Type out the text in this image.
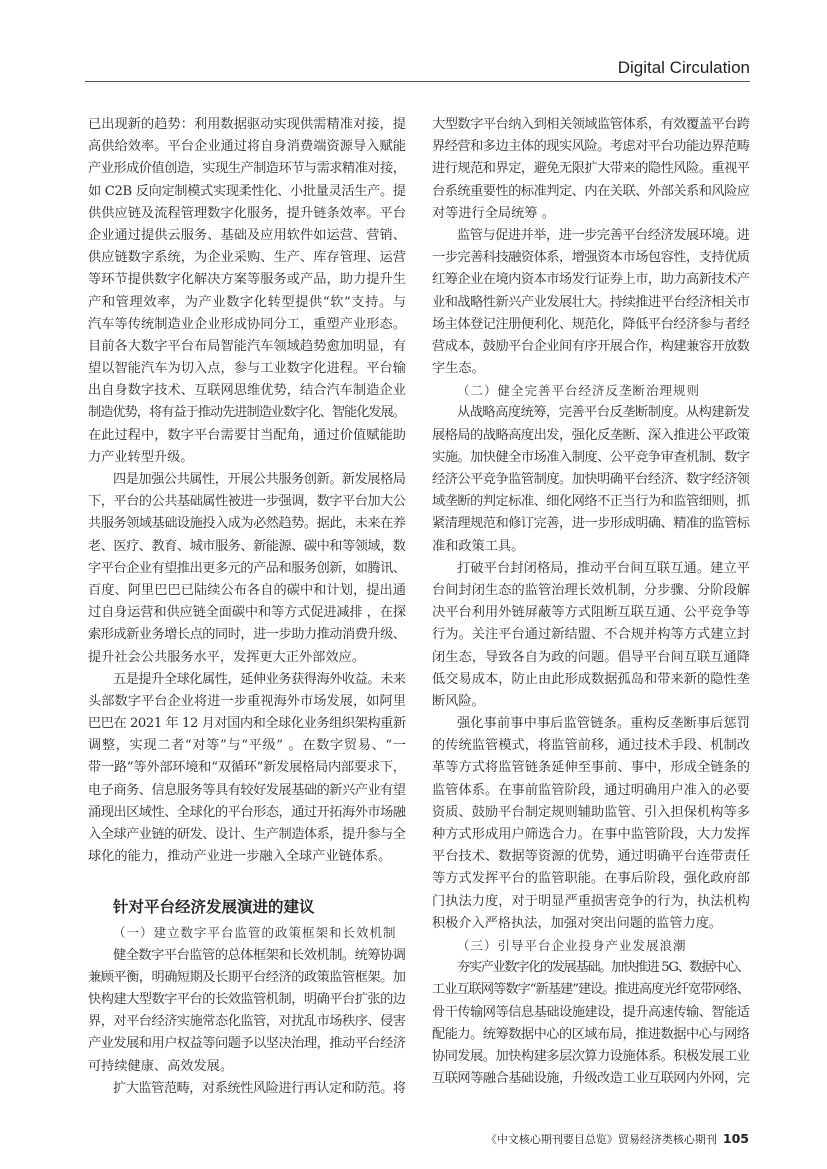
Digital Circulation
已出现新的趋势：利用数据驱动实现供需精准对接，提
高供给效率。平台企业通过将自身消费端资源导入赋能
产业形成价值创造，实现生产制造环节与需求精准对接，
如 C2B 反向定制模式实现柔性化、小批量灵活生产。提
供供应链及流程管理数字化服务，提升链条效率。平台
企业通过提供云服务、基础及应用软件如运营、营销、
供应链数字系统，为企业采购、生产、库存管理、运营
等环节提供数字化解决方案等服务或产品，助力提升生
产和管理效率，为产业数字化转型提供“软”支持。与
汽车等传统制造业企业形成协同分工，重塑产业形态。
目前各大数字平台布局智能汽车领域趋势愈加明显，有
望以智能汽车为切入点，参与工业数字化进程。平台输
出自身数字技术、互联网思维优势，结合汽车制造企业
制造优势，将有益于推动先进制造业数字化、智能化发展。
在此过程中，数字平台需要甘当配角，通过价值赋能助
力产业转型升级。
四是加强公共属性，开展公共服务创新。新发展格局
下，平台的公共基础属性被进一步强调，数字平台加大公
共服务领域基础设施投入成为必然趋势。据此，未来在养
老、医疗、教育、城市服务、新能源、碳中和等领域，数
字平台企业有望推出更多元的产品和服务创新，如腾讯、
百度、阿里巴巴已陆续公布各自的碳中和计划，提出通
过自身运营和供应链全面碳中和等方式促进减排 ，在探
索形成新业务增长点的同时，进一步助力推动消费升级、
提升社会公共服务水平，发挥更大正外部效应。
五是提升全球化属性，延伸业务获得海外收益。未来
头部数字平台企业将进一步重视海外市场发展，如阿里
巴巴在 2021 年 12 月对国内和全球化业务组织架构重新
调整，实现二者“对等”与“平级” 。在数字贸易、“一
带一路”等外部环境和“双循环”新发展格局内部要求下，
电子商务、信息服务等具有较好发展基础的新兴产业有望
涌现出区域性、全球化的平台形态，通过开拓海外市场融
入全球产业链的研发、设计、生产制造体系，提升参与全
球化的能力，推动产业进一步融入全球产业链体系。
针对平台经济发展演进的建议
（一）建立数字平台监管的政策框架和长效机制
健全数字平台监管的总体框架和长效机制。统筹协调
兼顾平衡，明确短期及长期平台经济的政策监管框架。加
快构建大型数字平台的长效监管机制，明确平台扩张的边
界，对平台经济实施常态化监管，对扰乱市场秩序、侵害
产业发展和用户权益等问题予以坚决治理，推动平台经济
可持续健康、高效发展。
扩大监管范畴，对系统性风险进行再认定和防范。将
大型数字平台纳入到相关领域监管体系，有效覆盖平台跨
界经营和多边主体的现实风险。考虑对平台功能边界范畴
进行规范和界定，避免无限扩大带来的隐性风险。重视平
台系统重要性的标准判定、内在关联、外部关系和风险应
对等进行全局统筹 。
监管与促进并举，进一步完善平台经济发展环境。进
一步完善科技融资体系，增强资本市场包容性，支持优质
红筹企业在境内资本市场发行证券上市，助力高新技术产
业和战略性新兴产业发展壮大。持续推进平台经济相关市
场主体登记注册便利化、规范化，降低平台经济参与者经
营成本，鼓励平台企业间有序开展合作，构建兼容开放数
字生态。
（二）健全完善平台经济反垄断治理规则
从战略高度统筹，完善平台反垄断制度。从构建新发
展格局的战略高度出发，强化反垄断、深入推进公平政策
实施。加快健全市场准入制度、公平竞争审查机制、数字
经济公平竞争监管制度。加快明确平台经济、数字经济领
域垄断的判定标准、细化网络不正当行为和监管细则，抓
紧清理规范和修订完善，进一步形成明确、精准的监管标
准和政策工具。
打破平台封闭格局，推动平台间互联互通。建立平
台间封闭生态的监管治理长效机制，分步骤、分阶段解
决平台利用外链屏蔽等方式阻断互联互通、公平竞争等
行为。关注平台通过新结盟、不合规并构等方式建立封
闭生态，导致各自为政的问题。倡导平台间互联互通降
低交易成本，防止由此形成数据孤岛和带来新的隐性垄
断风险。
强化事前事中事后监管链条。重构反垄断事后惩罚
的传统监管模式，将监管前移，通过技术手段、机制改
革等方式将监管链条延伸至事前、事中，形成全链条的
监管体系。在事前监管阶段，通过明确用户准入的必要
资质、鼓励平台制定规则辅助监管、引入担保机构等多
种方式形成用户筛选合力。在事中监管阶段，大力发挥
平台技术、数据等资源的优势，通过明确平台连带责任
等方式发挥平台的监管职能。在事后阶段，强化政府部
门执法力度，对于明显严重损害竞争的行为，执法机构
积极介入严格执法，加强对突出问题的监管力度。
（三）引导平台企业投身产业发展浪潮
夯实产业数字化的发展基础。加快推进 5G、数据中心、
工业互联网等数字“新基建”建设。推进高度光纤宽带网络、
骨干传输网等信息基础设施建设，提升高速传输、智能适
配能力。统筹数据中心的区域布局，推进数据中心与网络
协同发展。加快构建多层次算力设施体系。积极发展工业
互联网等融合基础设施，升级改造工业互联网内外网，完
《中文核心期刊要目总览》贸易经济类核心期刊 105
